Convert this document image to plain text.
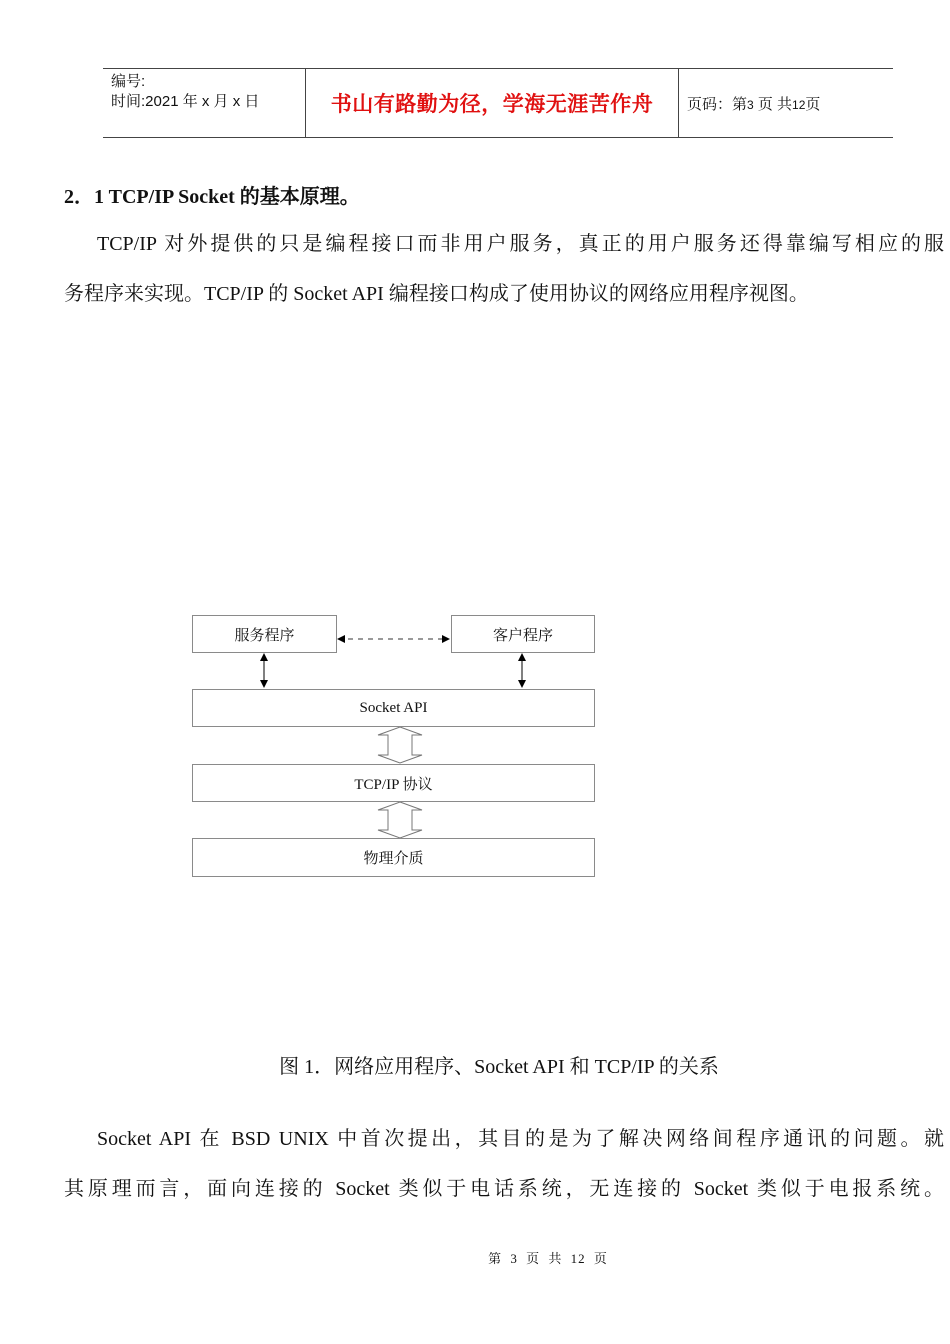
编号:
时间:2021 年 x 月 x 日	书山有路勤为径，学海无涯苦作舟	页码：第3 页 共12页
2．1 TCP/IP Socket 的基本原理。
TCP/IP 对外提供的只是编程接口而非用户服务，真正的用户服务还得靠编写相应的服
务程序来实现。TCP/IP 的 Socket API 编程接口构成了使用协议的网络应用程序视图。
服务程序	客户程序
Socket API
TCP/IP 协议
物理介质
图 1．网络应用程序、Socket API 和 TCP/IP 的关系
Socket API 在 BSD UNIX 中首次提出，其目的是为了解决网络间程序通讯的问题。就
其原理而言，面向连接的 Socket 类似于电话系统，无连接的 Socket 类似于电报系统。
第 3 页 共 12 页
